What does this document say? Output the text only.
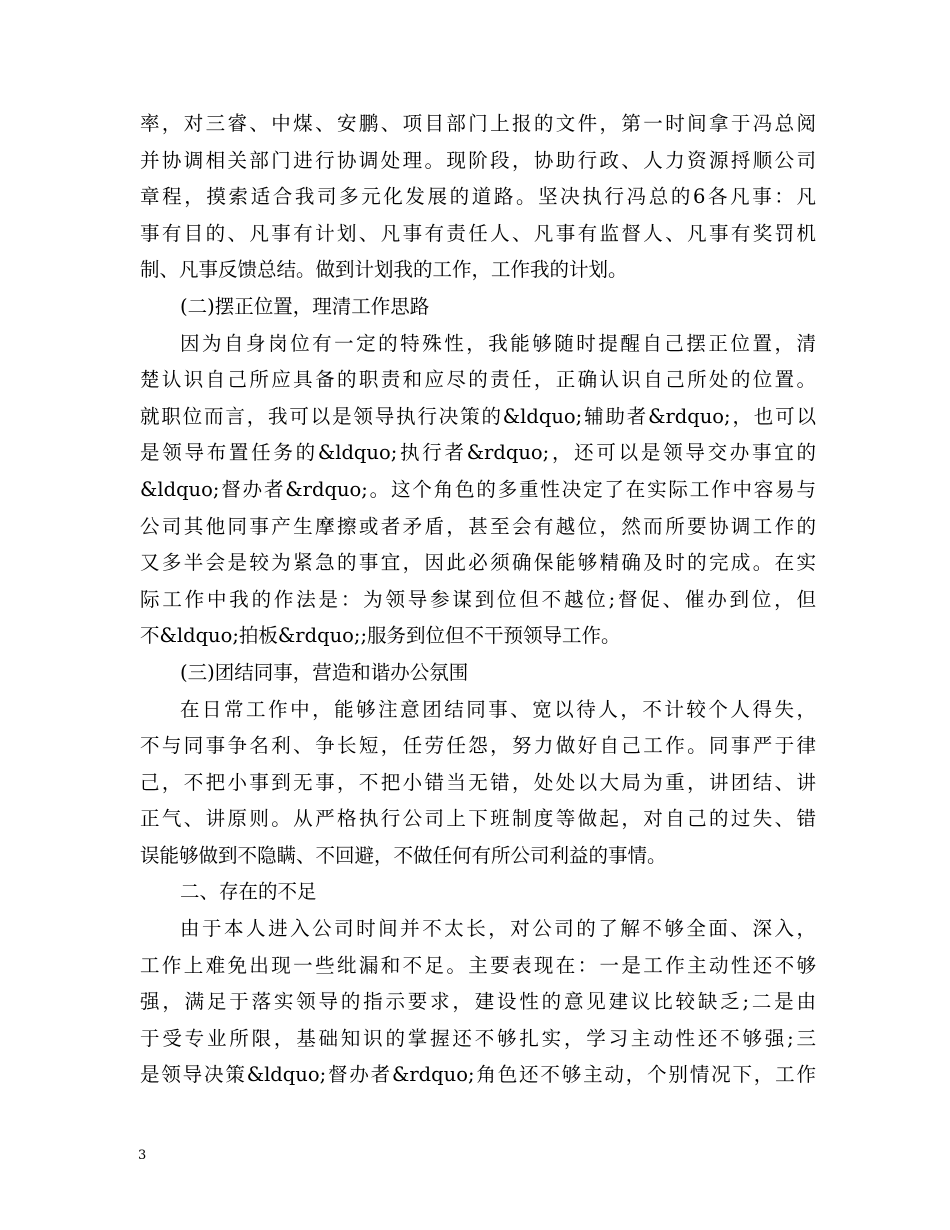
率，对三睿、中煤、安鹏、项目部门上报的文件，第一时间拿于冯总阅
并协调相关部门进行协调处理。现阶段，协助行政、人力资源捋顺公司
章程，摸索适合我司多元化发展的道路。坚决执行冯总的6各凡事：凡
事有目的、凡事有计划、凡事有责任人、凡事有监督人、凡事有奖罚机
制、凡事反馈总结。做到计划我的工作，工作我的计划。
(二)摆正位置，理清工作思路
因为自身岗位有一定的特殊性，我能够随时提醒自己摆正位置，清
楚认识自己所应具备的职责和应尽的责任，正确认识自己所处的位置。
就职位而言，我可以是领导执行决策的&ldquo;辅助者&rdquo;，也可以
是领导布置任务的&ldquo;执行者&rdquo;，还可以是领导交办事宜的
&ldquo;督办者&rdquo;。这个角色的多重性决定了在实际工作中容易与
公司其他同事产生摩擦或者矛盾，甚至会有越位，然而所要协调工作的
又多半会是较为紧急的事宜，因此必须确保能够精确及时的完成。在实
际工作中我的作法是：为领导参谋到位但不越位;督促、催办到位，但
不&ldquo;拍板&rdquo;;服务到位但不干预领导工作。
(三)团结同事，营造和谐办公氛围
在日常工作中，能够注意团结同事、宽以待人，不计较个人得失，
不与同事争名利、争长短，任劳任怨，努力做好自己工作。同事严于律
己，不把小事到无事，不把小错当无错，处处以大局为重，讲团结、讲
正气、讲原则。从严格执行公司上下班制度等做起，对自己的过失、错
误能够做到不隐瞒、不回避，不做任何有所公司利益的事情。
二、存在的不足
由于本人进入公司时间并不太长，对公司的了解不够全面、深入，
工作上难免出现一些纰漏和不足。主要表现在：一是工作主动性还不够
强，满足于落实领导的指示要求，建设性的意见建议比较缺乏;二是由
于受专业所限，基础知识的掌握还不够扎实，学习主动性还不够强;三
是领导决策&ldquo;督办者&rdquo;角色还不够主动，个别情况下，工作
3
